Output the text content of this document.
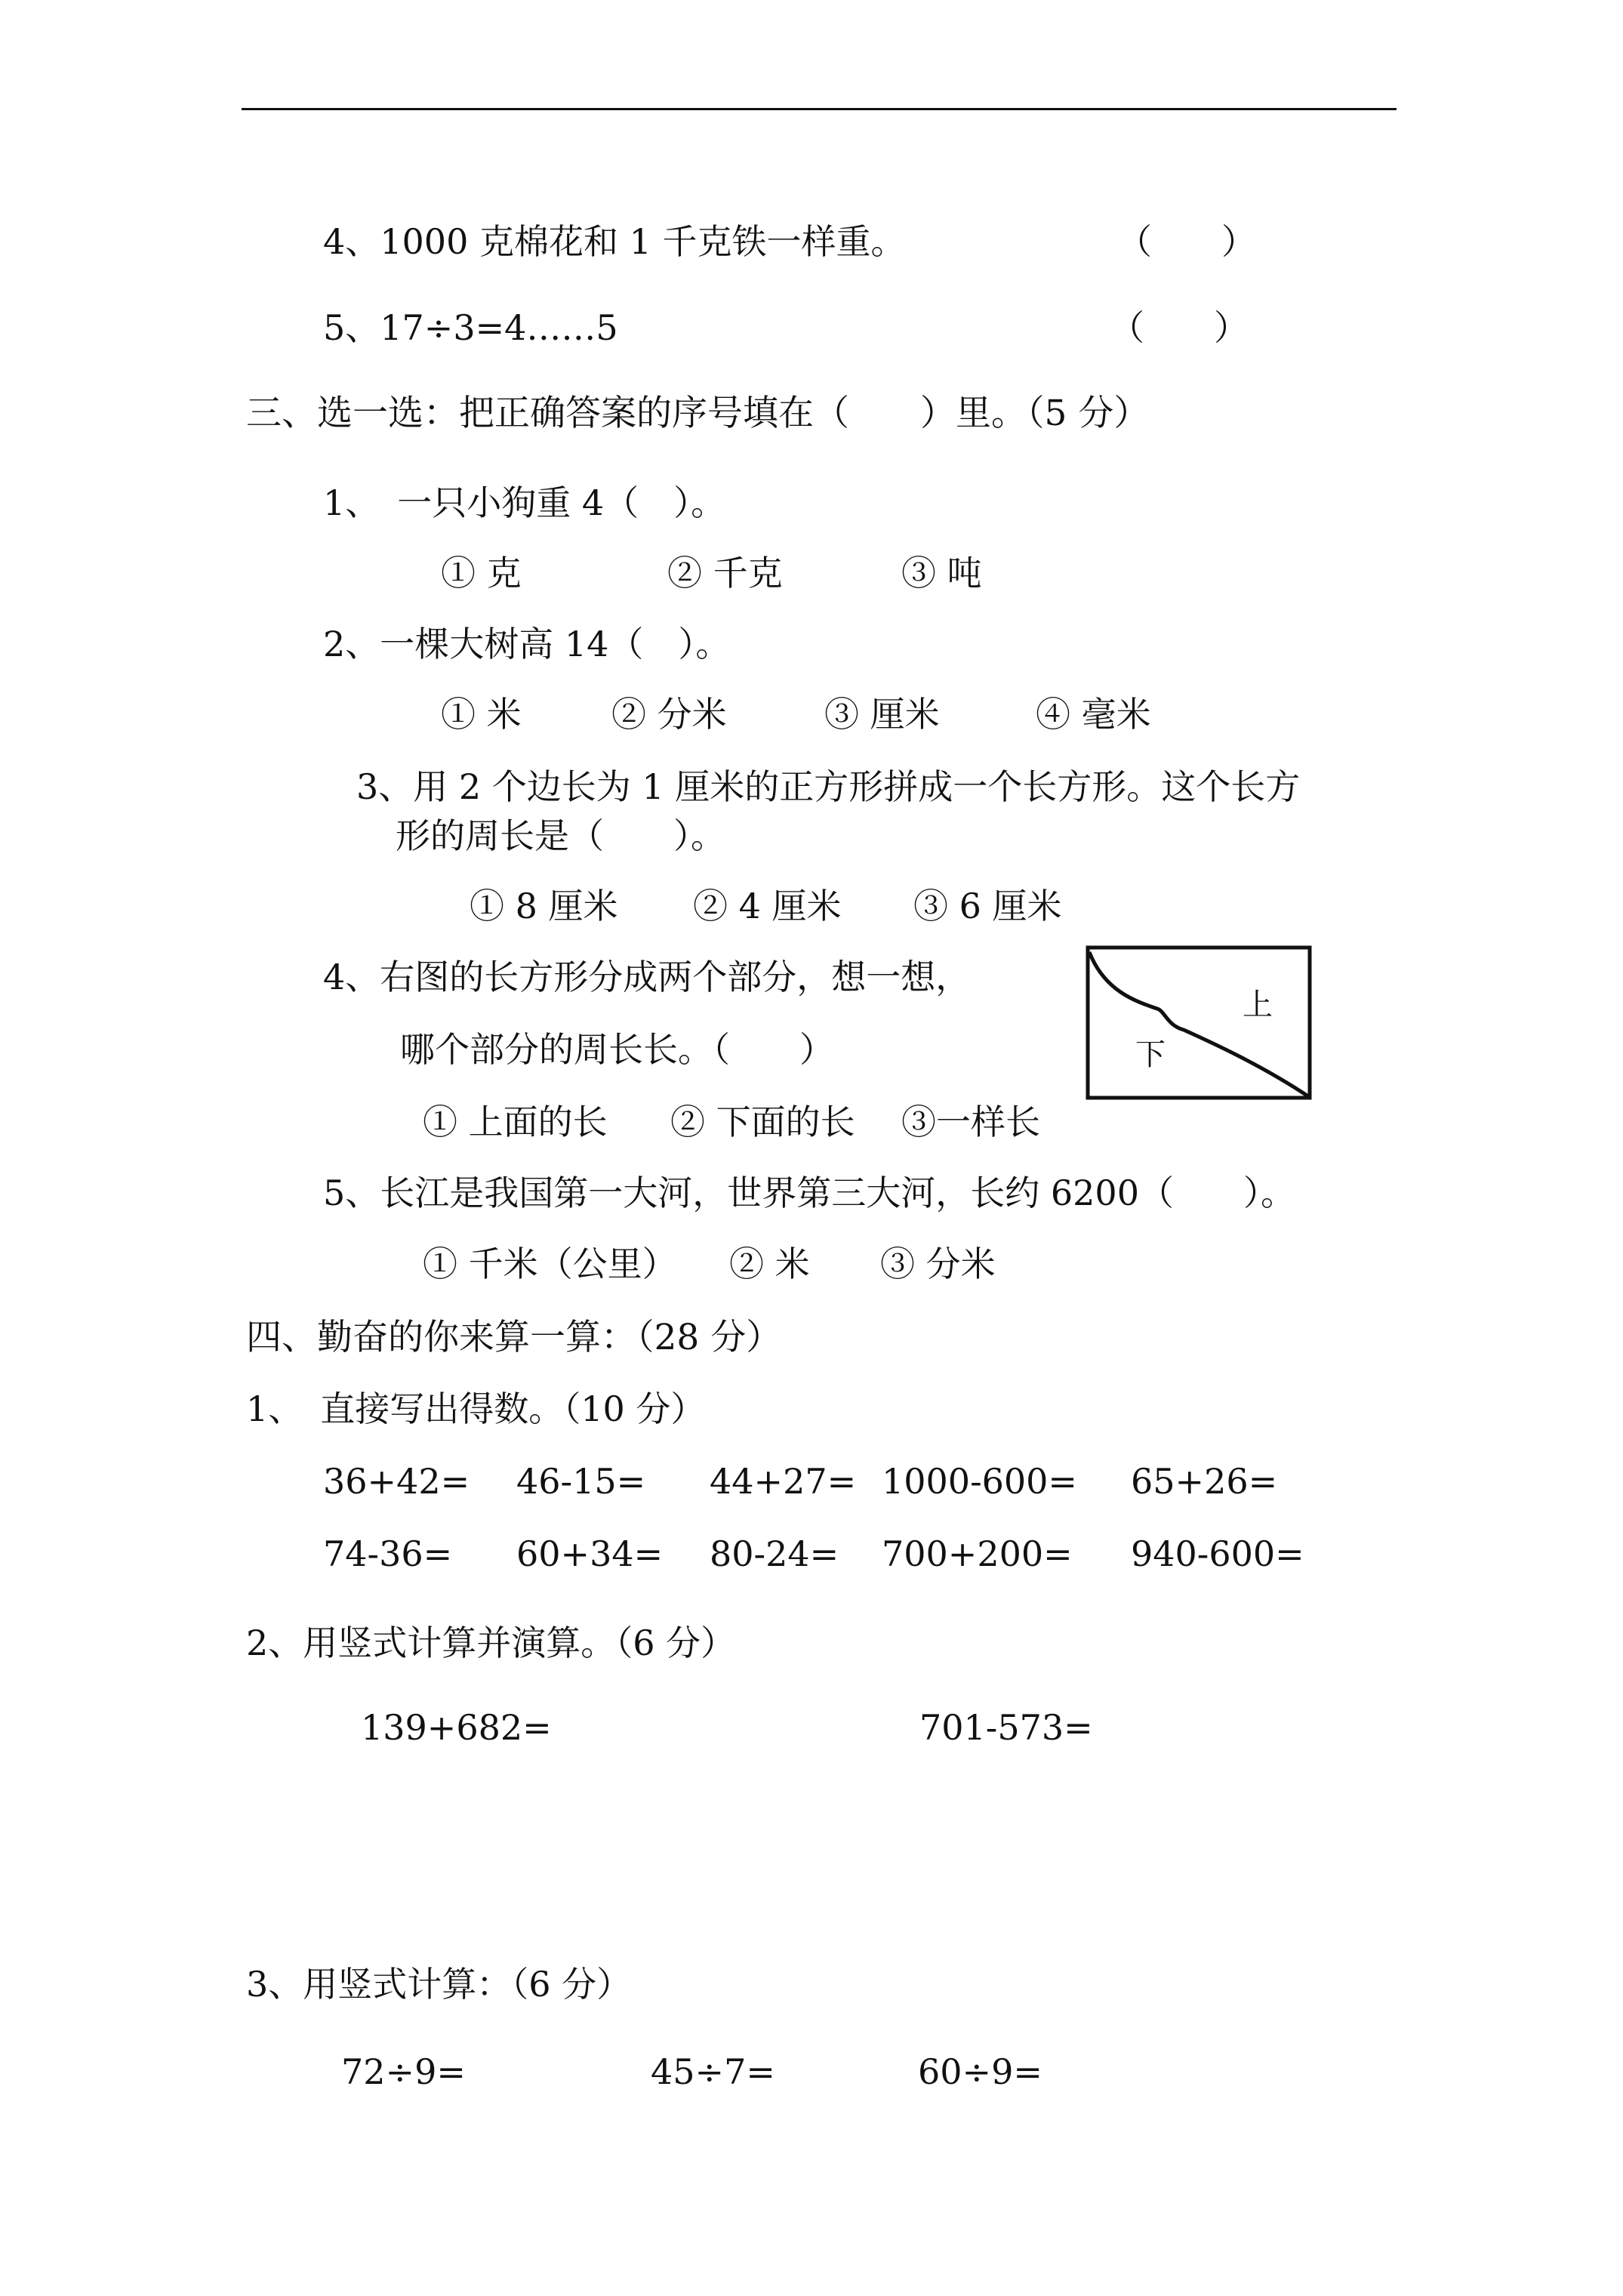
4、1000 克棉花和 1 千克铁一样重。	（　　）
5、17÷3=4……5	（　　）
三、选一选：把正确答案的序号填在（　　）里。（5 分）
1、　一只小狗重 4（　）。
① 克	② 千克	③ 吨
2、一棵大树高 14（　）。
① 米	② 分米	③ 厘米	④ 毫米
3、用 2 个边长为 1 厘米的正方形拼成一个长方形。这个长方
形的周长是（　　）。
① 8 厘米 ② 4 厘米 ③ 6 厘米
4、右图的长方形分成两个部分，想一想，
哪个部分的周长长。（　　）
上
下
① 上面的长 ② 下面的长 ③一样长
5、长江是我国第一大河，世界第三大河，长约 6200（　　）。
① 千米（公里） ② 米 ③ 分米
四、勤奋的你来算一算：（28 分）
1、　直接写出得数。（10 分）
36+42= 46-15= 44+27= 1000-600= 65+26=
74-36= 60+34= 80-24= 700+200= 940-600=
2、用竖式计算并演算。（6 分）
139+682=	701-573=
3、用竖式计算：（6 分）
72÷9=	45÷7=	60÷9=
